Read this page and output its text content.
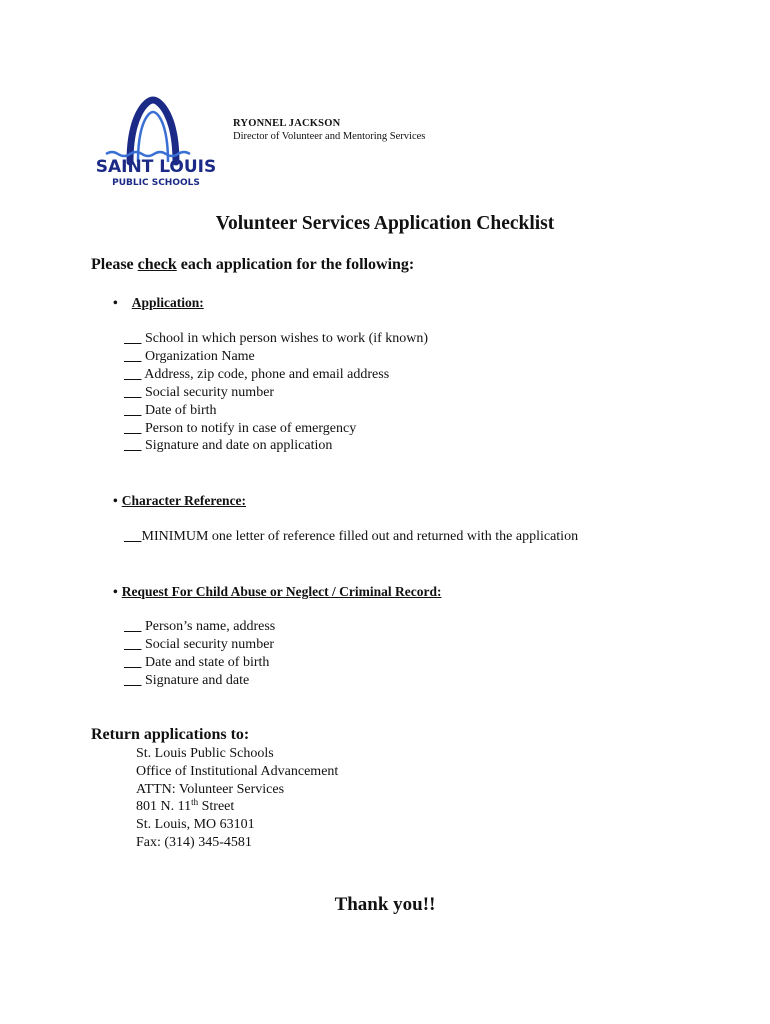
SAINT LOUIS
PUBLIC SCHOOLS
RYONNEL JACKSON
Director of Volunteer and Mentoring Services
Volunteer Services Application Checklist
Please check each application for the following:
• Application:
School in which person wishes to work (if known)
Organization Name
Address, zip code, phone and email address
Social security number
Date of birth
Person to notify in case of emergency
Signature and date on application
• Character Reference:
MINIMUM one letter of reference filled out and returned with the application
• Request For Child Abuse or Neglect / Criminal Record:
Person’s name, address
Social security number
Date and state of birth
Signature and date
Return applications to:
St. Louis Public Schools
Office of Institutional Advancement
ATTN: Volunteer Services
801 N. 11th Street
St. Louis, MO 63101
Fax: (314) 345-4581
Thank you!!
